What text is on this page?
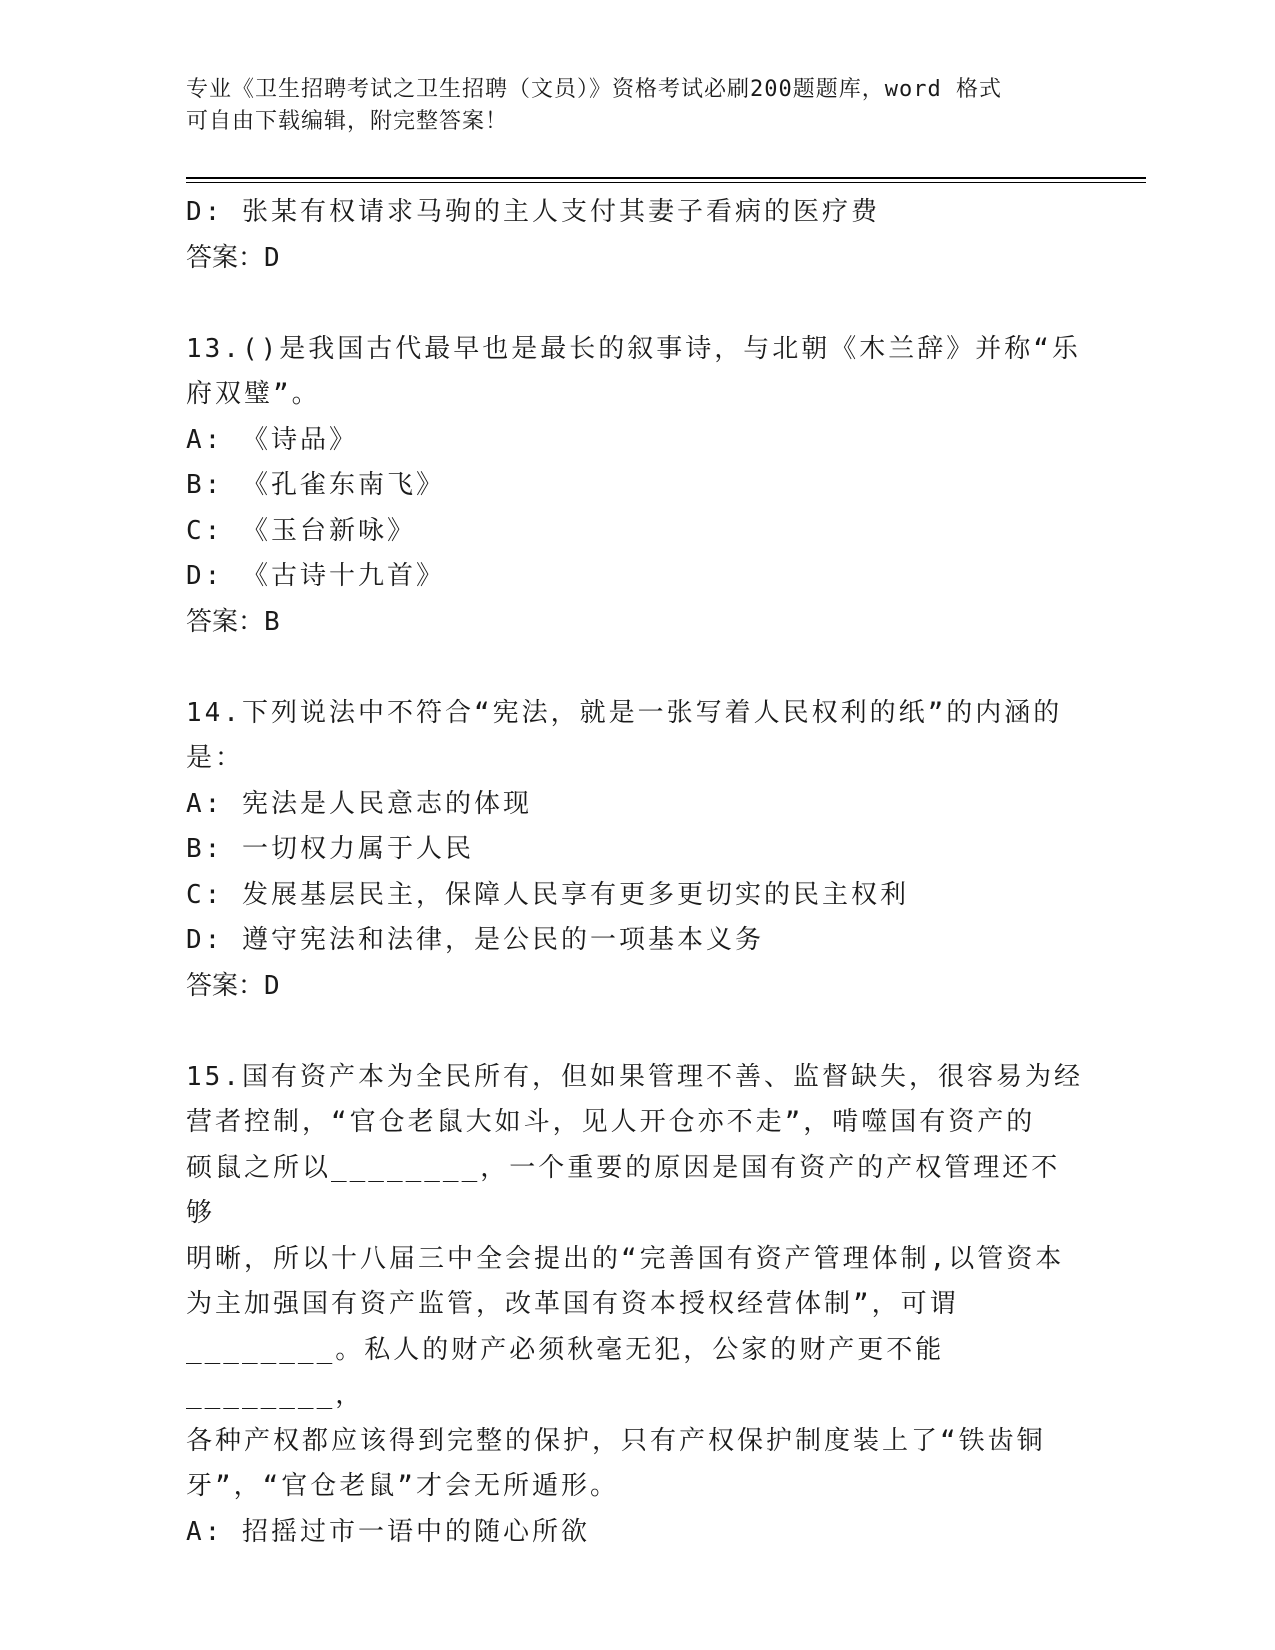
专业《卫生招聘考试之卫生招聘（文员）》资格考试必刷200题题库，word 格式
可自由下载编辑，附完整答案！

D: 张某有权请求马驹的主人支付其妻子看病的医疗费

答案：D

13.()是我国古代最早也是最长的叙事诗，与北朝《木兰辞》并称“乐

府双璧”。

A: 《诗品》

B: 《孔雀东南飞》

C: 《玉台新咏》

D: 《古诗十九首》

答案：B

14.下列说法中不符合“宪法，就是一张写着人民权利的纸”的内涵的

是：

A: 宪法是人民意志的体现

B: 一切权力属于人民

C: 发展基层民主，保障人民享有更多更切实的民主权利

D: 遵守宪法和法律，是公民的一项基本义务

答案：D

15.国有资产本为全民所有，但如果管理不善、监督缺失，很容易为经

营者控制，“官仓老鼠大如斗，见人开仓亦不走”，啃噬国有资产的

硕鼠之所以________，一个重要的原因是国有资产的产权管理还不够

明晰，所以十八届三中全会提出的“完善国有资产管理体制,以管资本

为主加强国有资产监管，改革国有资本授权经营体制”，可谓

________。私人的财产必须秋毫无犯，公家的财产更不能________，

各种产权都应该得到完整的保护，只有产权保护制度装上了“铁齿铜

牙”，“官仓老鼠”才会无所遁形。

A: 招摇过市一语中的随心所欲
